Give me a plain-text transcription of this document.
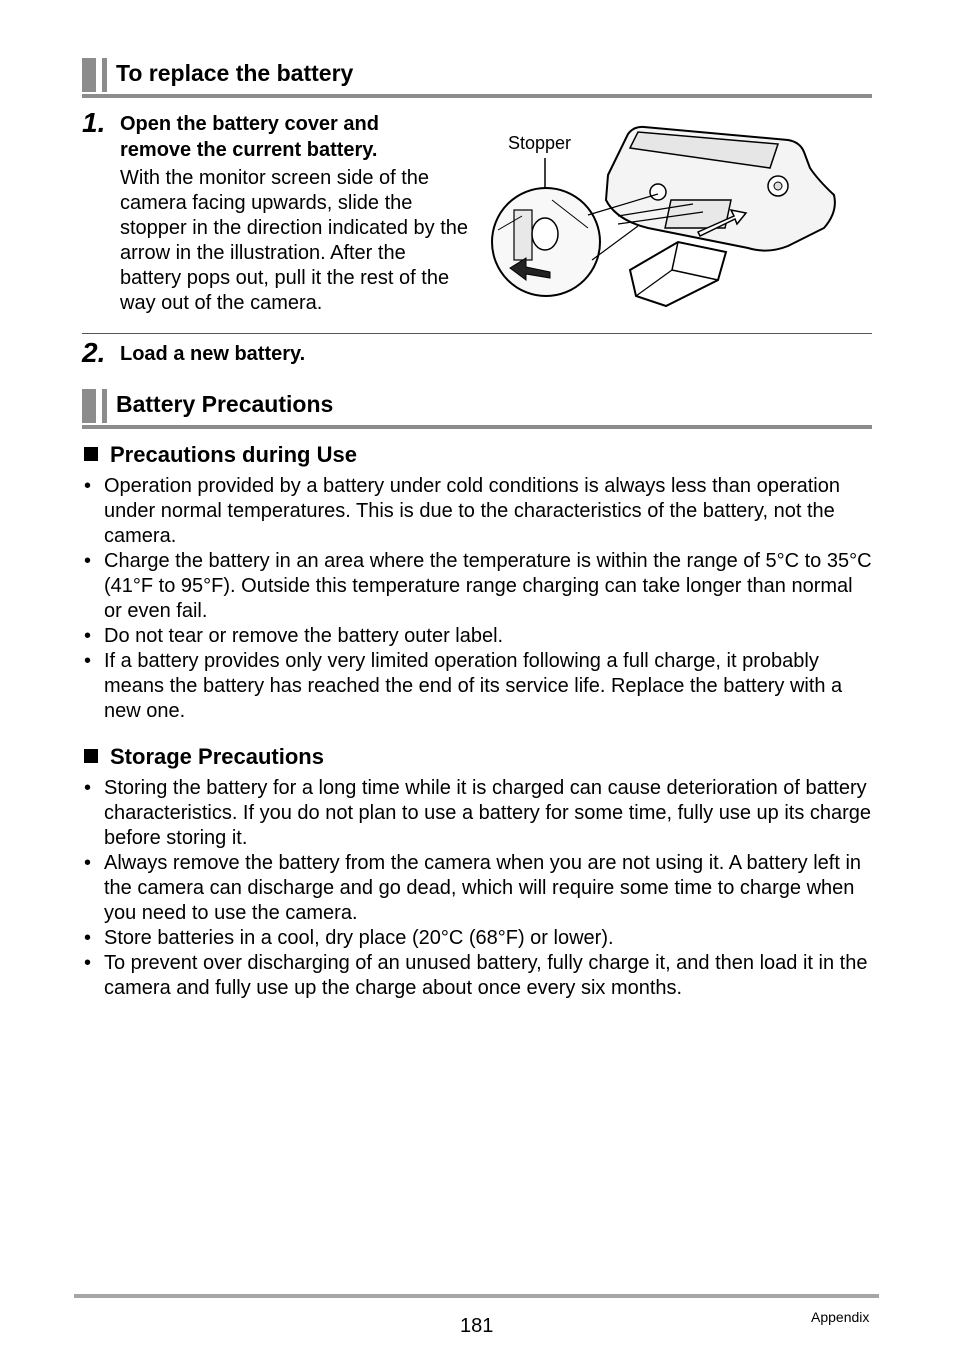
To replace the battery
1. Open the battery cover and remove the current battery.
With the monitor screen side of the camera facing upwards, slide the stopper in the direction indicated by the arrow in the illustration. After the battery pops out, pull it the rest of the way out of the camera.
Stopper
2. Load a new battery.
Battery Precautions
Precautions during Use
• Operation provided by a battery under cold conditions is always less than operation under normal temperatures. This is due to the characteristics of the battery, not the camera.
• Charge the battery in an area where the temperature is within the range of 5°C to 35°C (41°F to 95°F). Outside this temperature range charging can take longer than normal or even fail.
• Do not tear or remove the battery outer label.
• If a battery provides only very limited operation following a full charge, it probably means the battery has reached the end of its service life. Replace the battery with a new one.
Storage Precautions
• Storing the battery for a long time while it is charged can cause deterioration of battery characteristics. If you do not plan to use a battery for some time, fully use up its charge before storing it.
• Always remove the battery from the camera when you are not using it. A battery left in the camera can discharge and go dead, which will require some time to charge when you need to use the camera.
• Store batteries in a cool, dry place (20°C (68°F) or lower).
• To prevent over discharging of an unused battery, fully charge it, and then load it in the camera and fully use up the charge about once every six months.
181	Appendix
